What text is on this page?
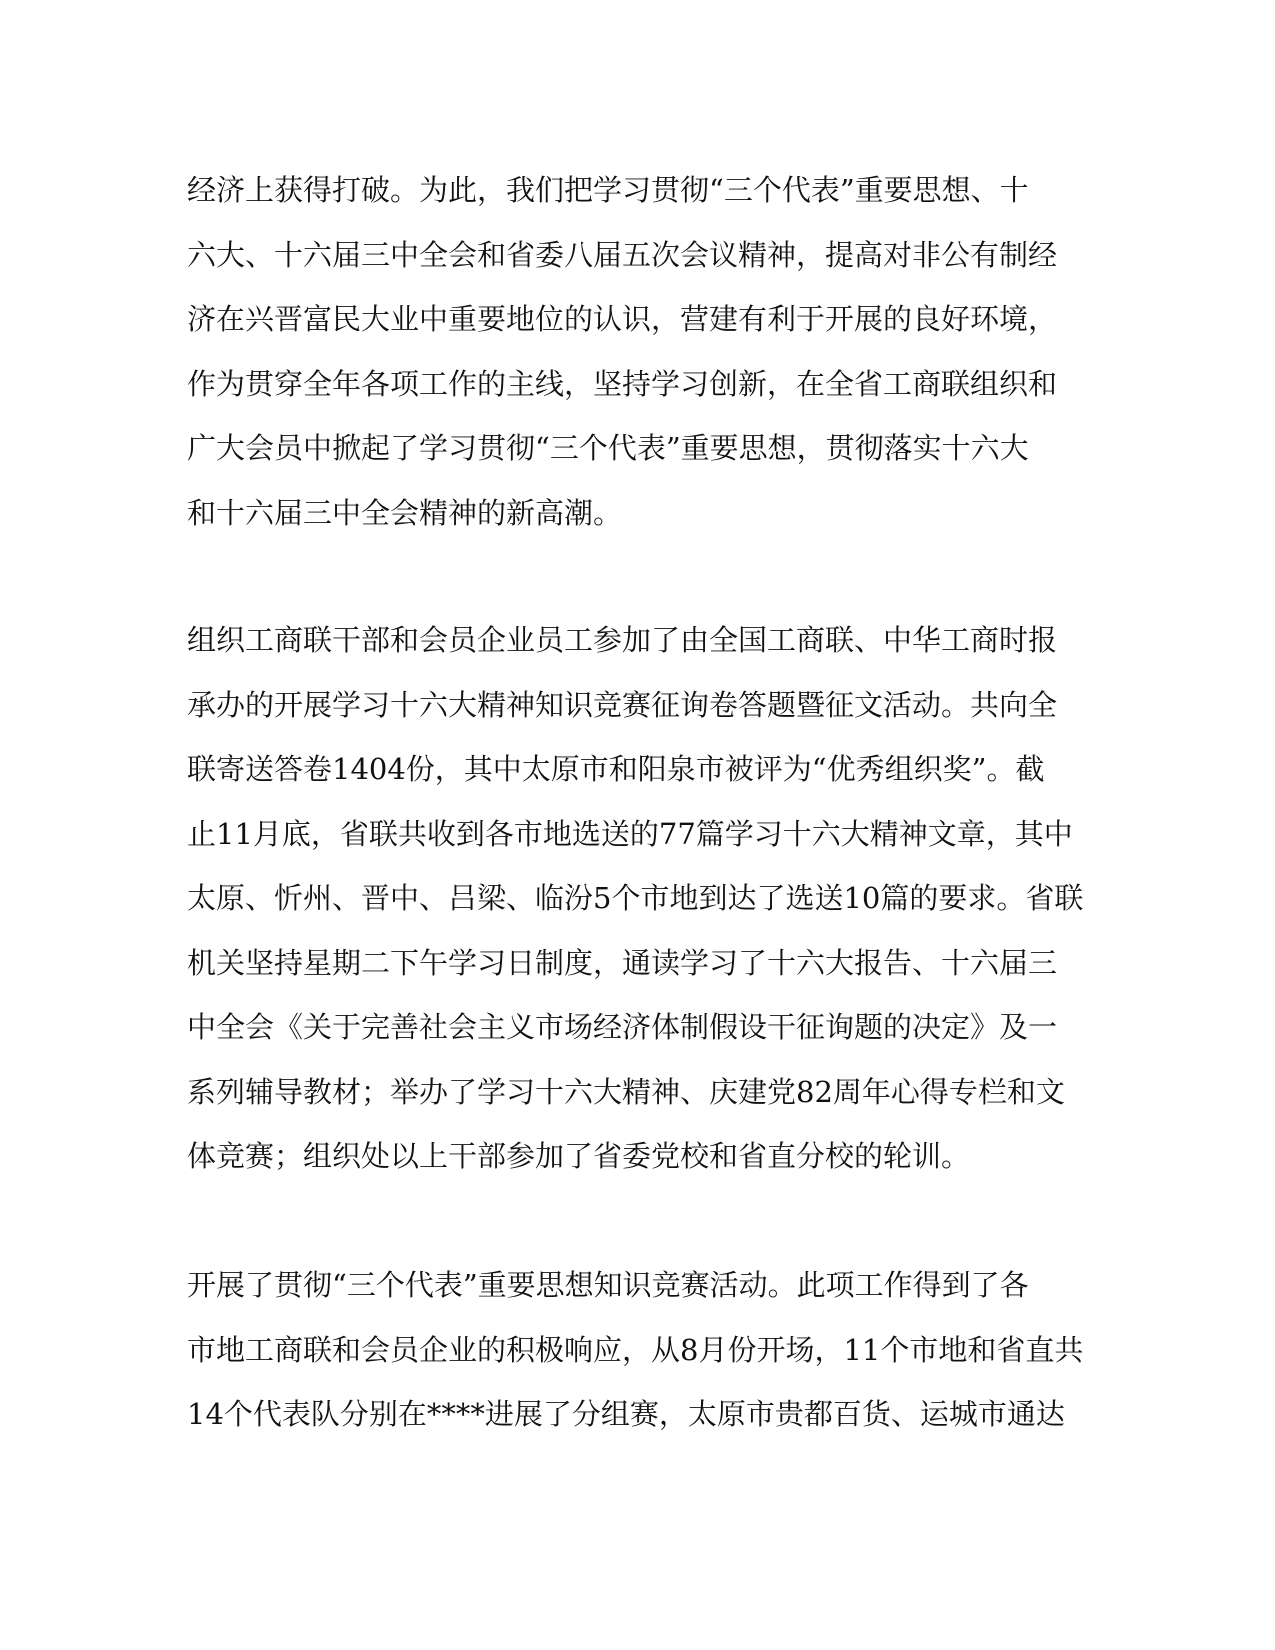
经济上获得打破。为此，我们把学习贯彻“三个代表”重要思想、十
六大、十六届三中全会和省委八届五次会议精神，提高对非公有制经
济在兴晋富民大业中重要地位的认识，营建有利于开展的良好环境，
作为贯穿全年各项工作的主线，坚持学习创新，在全省工商联组织和
广大会员中掀起了学习贯彻“三个代表”重要思想，贯彻落实十六大
和十六届三中全会精神的新高潮。
组织工商联干部和会员企业员工参加了由全国工商联、中华工商时报
承办的开展学习十六大精神知识竞赛征询卷答题暨征文活动。共向全
联寄送答卷1404份，其中太原市和阳泉市被评为“优秀组织奖”。截
止11月底，省联共收到各市地选送的77篇学习十六大精神文章，其中
太原、忻州、晋中、吕梁、临汾5个市地到达了选送10篇的要求。省联
机关坚持星期二下午学习日制度，通读学习了十六大报告、十六届三
中全会《关于完善社会主义市场经济体制假设干征询题的决定》及一
系列辅导教材；举办了学习十六大精神、庆建党82周年心得专栏和文
体竞赛；组织处以上干部参加了省委党校和省直分校的轮训。
开展了贯彻“三个代表”重要思想知识竞赛活动。此项工作得到了各
市地工商联和会员企业的积极响应，从8月份开场，11个市地和省直共
14个代表队分别在****进展了分组赛，太原市贵都百货、运城市通达
